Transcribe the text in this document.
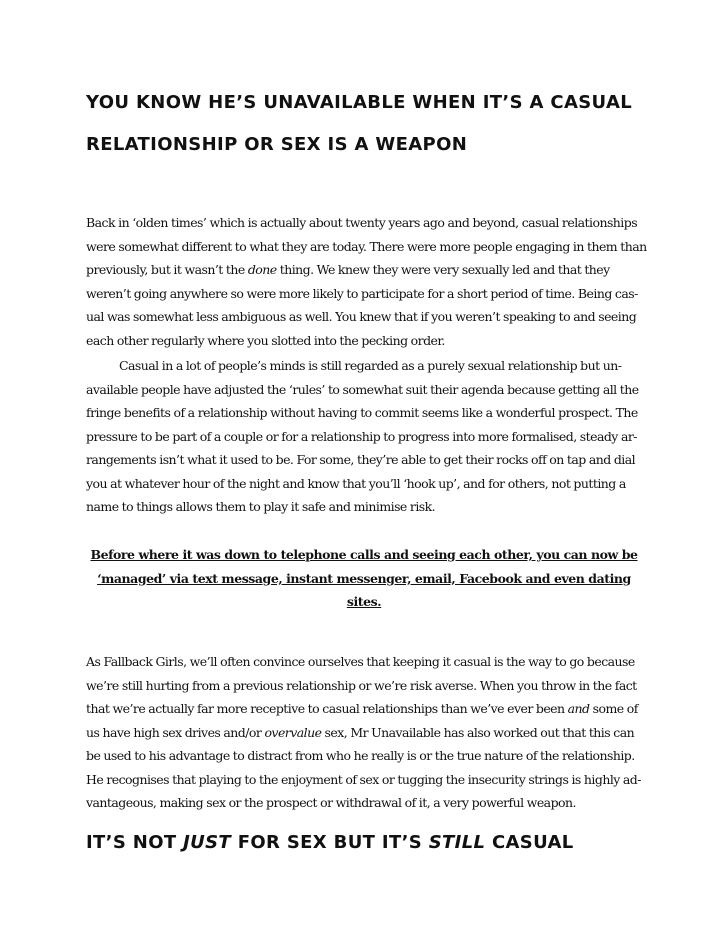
YOU KNOW HE’S UNAVAILABLE WHEN IT’S A CASUAL
RELATIONSHIP OR SEX IS A WEAPON

Back in ‘olden times’ which is actually about twenty years ago and beyond, casual relationships
were somewhat different to what they are today. There were more people engaging in them than
previously, but it wasn’t the done thing. We knew they were very sexually led and that they
weren’t going anywhere so were more likely to participate for a short period of time. Being cas-
ual was somewhat less ambiguous as well. You knew that if you weren’t speaking to and seeing
each other regularly where you slotted into the pecking order.

Casual in a lot of people’s minds is still regarded as a purely sexual relationship but un-
available people have adjusted the ‘rules’ to somewhat suit their agenda because getting all the
fringe benefits of a relationship without having to commit seems like a wonderful prospect. The
pressure to be part of a couple or for a relationship to progress into more formalised, steady ar-
rangements isn’t what it used to be. For some, they’re able to get their rocks off on tap and dial
you at whatever hour of the night and know that you’ll ‘hook up’, and for others, not putting a
name to things allows them to play it safe and minimise risk.

Before where it was down to telephone calls and seeing each other, you can now be
‘managed’ via text message, instant messenger, email, Facebook and even dating
sites.

As Fallback Girls, we’ll often convince ourselves that keeping it casual is the way to go because
we’re still hurting from a previous relationship or we’re risk averse. When you throw in the fact
that we’re actually far more receptive to casual relationships than we’ve ever been and some of
us have high sex drives and/or overvalue sex, Mr Unavailable has also worked out that this can
be used to his advantage to distract from who he really is or the true nature of the relationship.
He recognises that playing to the enjoyment of sex or tugging the insecurity strings is highly ad-
vantageous, making sex or the prospect or withdrawal of it, a very powerful weapon.

IT’S NOT JUST FOR SEX BUT IT’S STILL CASUAL
